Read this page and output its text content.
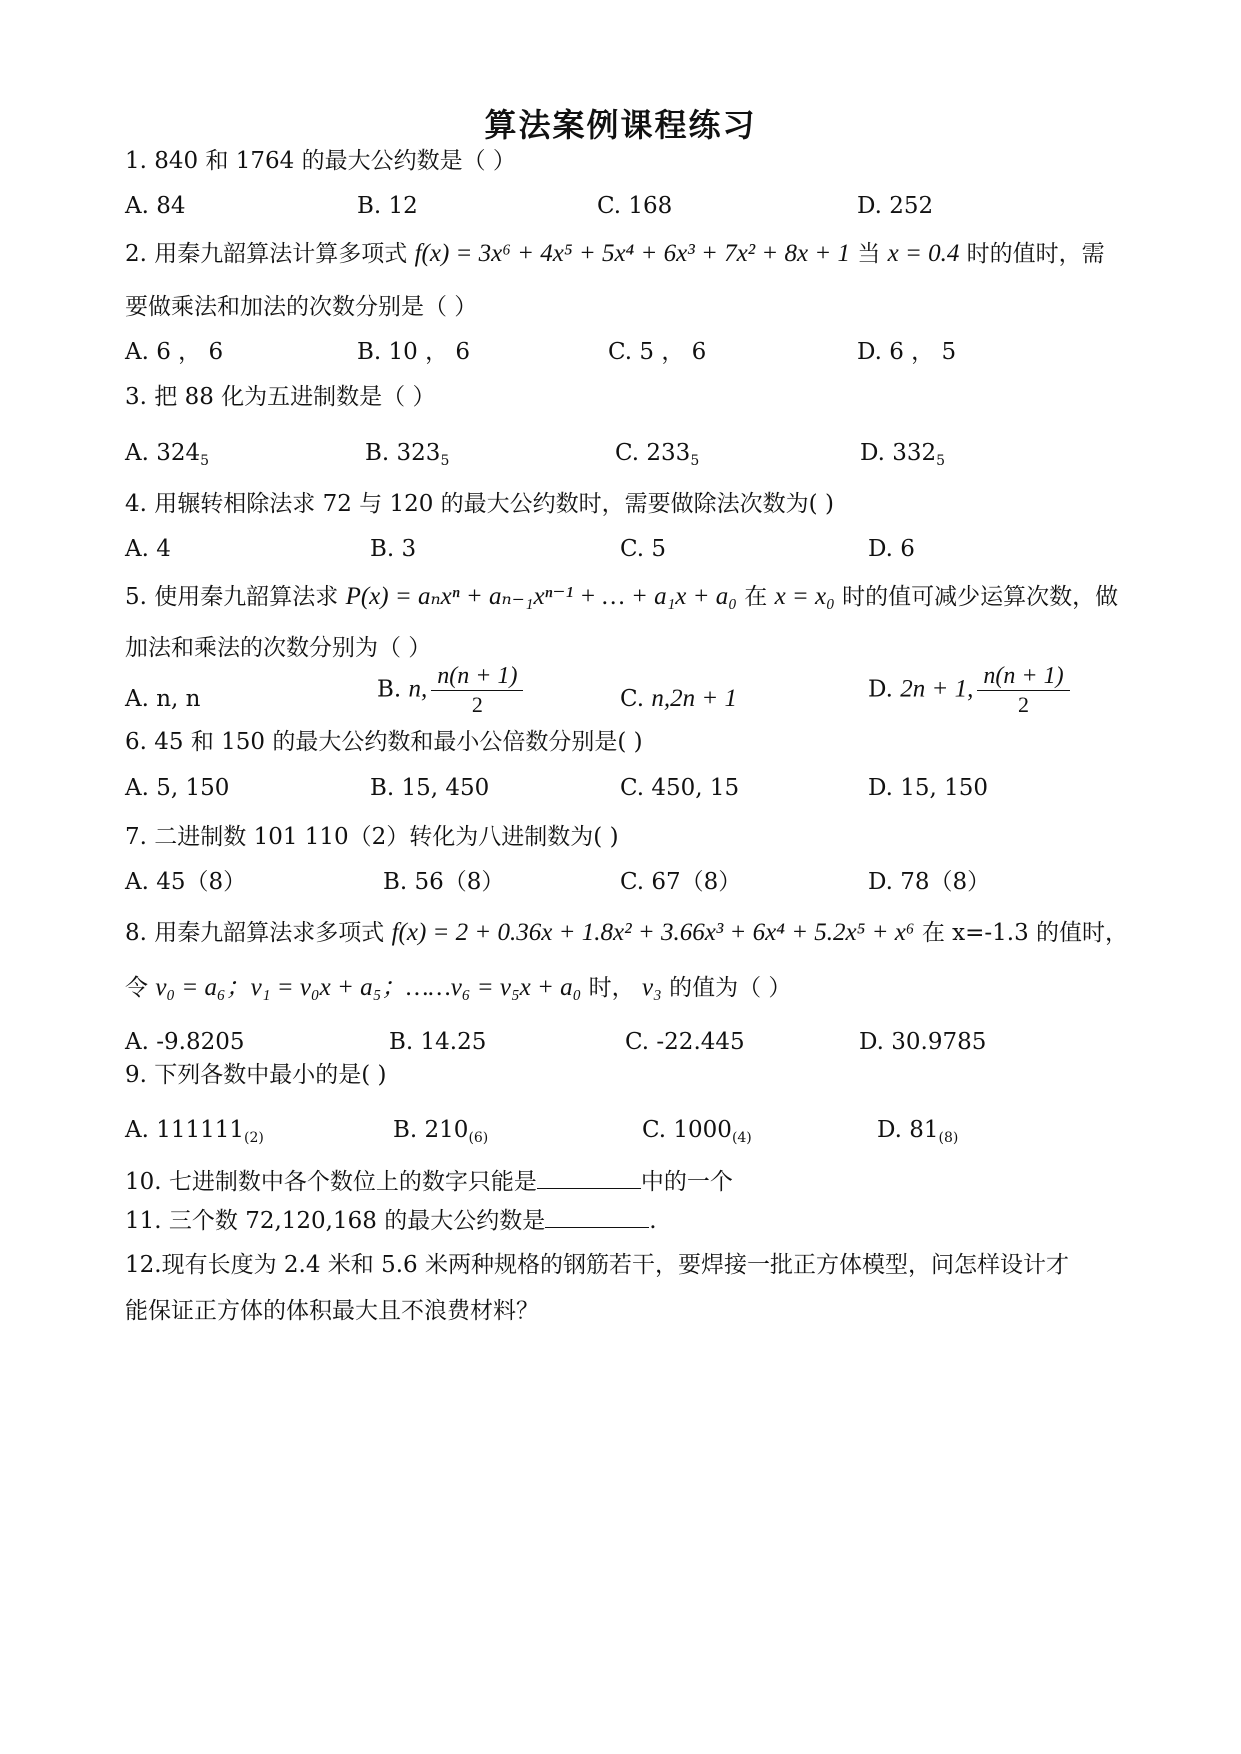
算法案例课程练习
1. 840 和 1764 的最大公约数是（ ）
A. 84	B. 12	C. 168	D. 252
2. 用秦九韶算法计算多项式 f(x) = 3x⁶ + 4x⁵ + 5x⁴ + 6x³ + 7x² + 8x + 1 当 x = 0.4 时的值时，需
要做乘法和加法的次数分别是（ ）
A. 6 ， 6	B. 10 ， 6	C. 5 ， 6	D. 6 ， 5
3. 把 88 化为五进制数是（ ）
A. $324_5$	B. $323_5$	C. $233_5$	D. $332_5$
4. 用辗转相除法求 72 与 120 的最大公约数时，需要做除法次数为( )
A. 4	B. 3	C. 5	D. 6
5. 使用秦九韶算法求 P(x) = aₙxⁿ + aₙ₋₁xⁿ⁻¹ + … + a₁x + a₀ 在 x = x₀ 时的值可减少运算次数，做
加法和乘法的次数分别为（ ）
A. n, n	B. n, $\frac{n(n + 1)}{2}$	C. n,2n + 1	D. 2n + 1, $\frac{n(n + 1)}{2}$
6. 45 和 150 的最大公约数和最小公倍数分别是( )
A. 5, 150	B. 15, 450	C. 450, 15	D. 15, 150
7. 二进制数 101 110（2）转化为八进制数为( )
A. 45（8）	B. 56（8）	C. 67（8）	D. 78（8）
8. 用秦九韶算法求多项式 f(x) = 2 + 0.36x + 1.8x² + 3.66x³ + 6x⁴ + 5.2x⁵ + x⁶ 在 x=-1.3 的值时，
令 v₀ = a₆；v₁ = v₀x + a₅；……v₆ = v₅x + a₀ 时， v₃ 的值为（ ）
A. -9.8205	B. 14.25	C. -22.445	D. 30.9785
9. 下列各数中最小的是( )
A. $111111_{(2)}$	B. $210_{(6)}$	C. $1000_{(4)}$	D. $81_{(8)}$
10. 七进制数中各个数位上的数字只能是	中的一个
11. 三个数 72,120,168 的最大公约数是	.
12.现有长度为 2.4 米和 5.6 米两种规格的钢筋若干，要焊接一批正方体模型，问怎样设计才
能保证正方体的体积最大且不浪费材料？
